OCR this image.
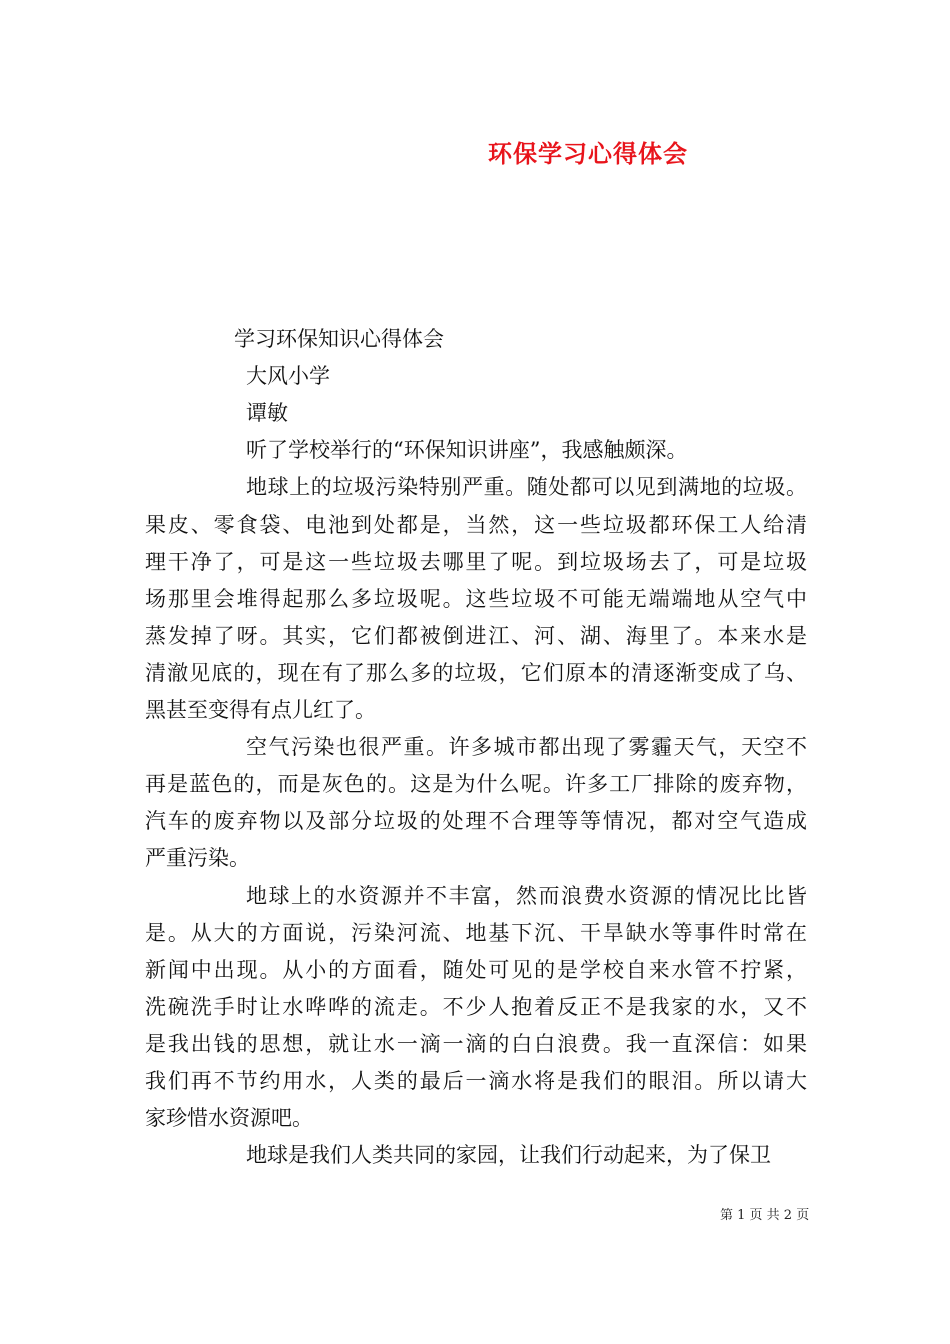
环保学习心得体会
学习环保知识心得体会
大风小学
谭敏
听了学校举行的“环保知识讲座”，我感触颇深。
地球上的垃圾污染特别严重。随处都可以见到满地的垃圾。
果皮、零食袋、电池到处都是，当然，这一些垃圾都环保工人给清
理干净了，可是这一些垃圾去哪里了呢。到垃圾场去了，可是垃圾
场那里会堆得起那么多垃圾呢。这些垃圾不可能无端端地从空气中
蒸发掉了呀。其实，它们都被倒进江、河、湖、海里了。本来水是
清澈见底的，现在有了那么多的垃圾，它们原本的清逐渐变成了乌、
黑甚至变得有点儿红了。
空气污染也很严重。许多城市都出现了雾霾天气，天空不
再是蓝色的，而是灰色的。这是为什么呢。许多工厂排除的废弃物，
汽车的废弃物以及部分垃圾的处理不合理等等情况，都对空气造成
严重污染。
地球上的水资源并不丰富，然而浪费水资源的情况比比皆
是。从大的方面说，污染河流、地基下沉、干旱缺水等事件时常在
新闻中出现。从小的方面看，随处可见的是学校自来水管不拧紧，
洗碗洗手时让水哗哗的流走。不少人抱着反正不是我家的水，又不
是我出钱的思想，就让水一滴一滴的白白浪费。我一直深信：如果
我们再不节约用水，人类的最后一滴水将是我们的眼泪。所以请大
家珍惜水资源吧。
地球是我们人类共同的家园，让我们行动起来，为了保卫
第 1 页 共 2 页
